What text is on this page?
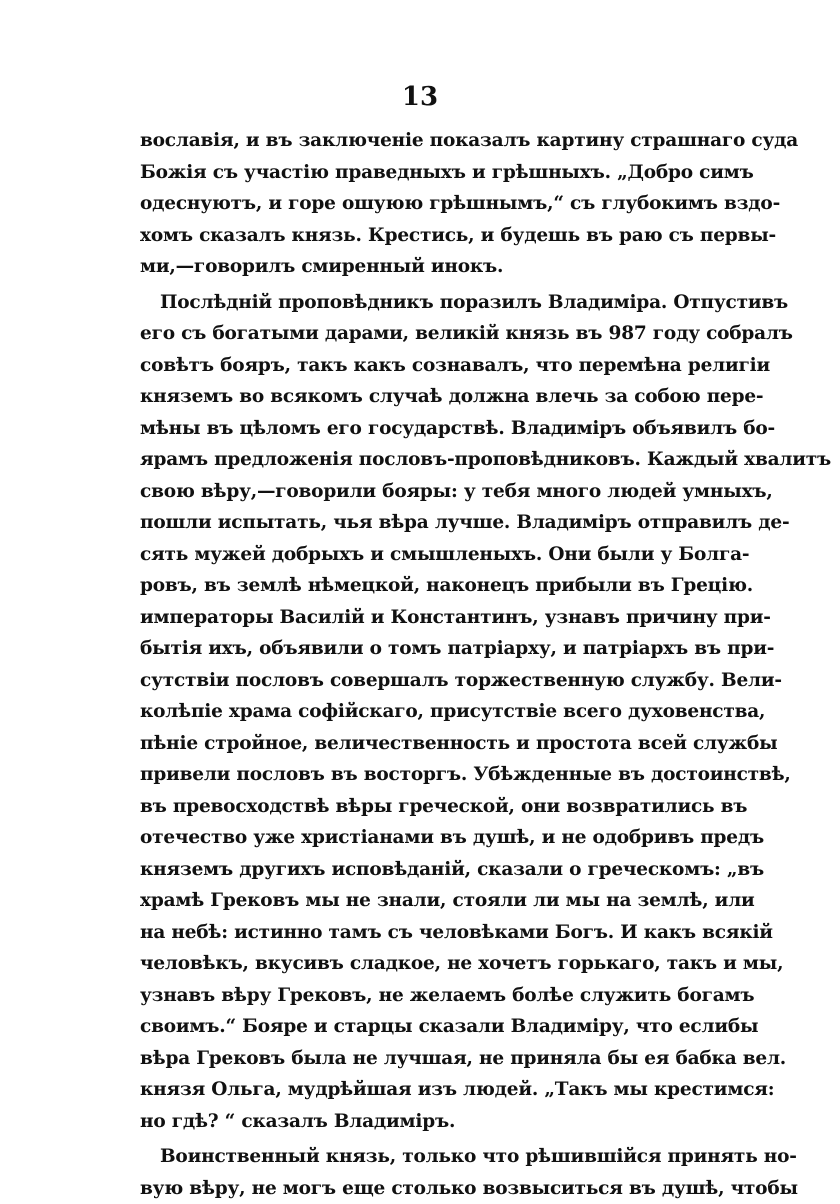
13
вославія, и въ заключеніе показалъ картину страшнаго суда
Божія съ участію праведныхъ и грѣшныхъ. „Добро симъ
одеснуютъ, и горе ошуюю грѣшнымъ,“ съ глубокимъ вздо-
хомъ сказалъ князь. Крестись, и будешь въ раю съ первы-
ми,—говорилъ смиренный инокъ.
Послѣдній проповѣдникъ поразилъ Владиміра. Отпустивъ
его съ богатыми дарами, великій князь въ 987 году собралъ
совѣтъ бояръ, такъ какъ сознавалъ, что перемѣна религіи
княземъ во всякомъ случаѣ должна влечь за собою пере-
мѣны въ цѣломъ его государствѣ. Владиміръ объявилъ бо-
ярамъ предложенія пословъ-проповѣдниковъ. Каждый хвалитъ
свою вѣру,—говорили бояры: у тебя много людей умныхъ,
пошли испытать, чья вѣра лучше. Владиміръ отправилъ де-
сять мужей добрыхъ и смышленыхъ. Они были у Болга-
ровъ, въ землѣ нѣмецкой, наконецъ прибыли въ Грецію.
императоры Василій и Константинъ, узнавъ причину при-
бытія ихъ, объявили о томъ патріарху, и патріархъ въ при-
сутствіи пословъ совершалъ торжественную службу. Вели-
колѣпіе храма софійскаго, присутствіе всего духовенства,
пѣніе стройное, величественность и простота всей службы
привели пословъ въ восторгъ. Убѣжденные въ достоинствѣ,
въ превосходствѣ вѣры греческой, они возвратились въ
отечество уже христіанами въ душѣ, и не одобривъ предъ
княземъ другихъ исповѣданій, сказали о греческомъ: „въ
храмѣ Грековъ мы не знали, стояли ли мы на землѣ, или
на небѣ: истинно тамъ съ человѣками Богъ. И какъ всякій
человѣкъ, вкусивъ сладкое, не хочетъ горькаго, такъ и мы,
узнавъ вѣру Грековъ, не желаемъ болѣе служить богамъ
своимъ.“ Бояре и старцы сказали Владиміру, что еслибы
вѣра Грековъ была не лучшая, не приняла бы ея бабка вел.
князя Ольга, мудрѣйшая изъ людей. „Такъ мы крестимся:
но гдѣ? “ сказалъ Владиміръ.
Воинственный князь, только что рѣшившійся принять но-
вую вѣру, не могъ еще столько возвыситься въ душѣ, чтобы
